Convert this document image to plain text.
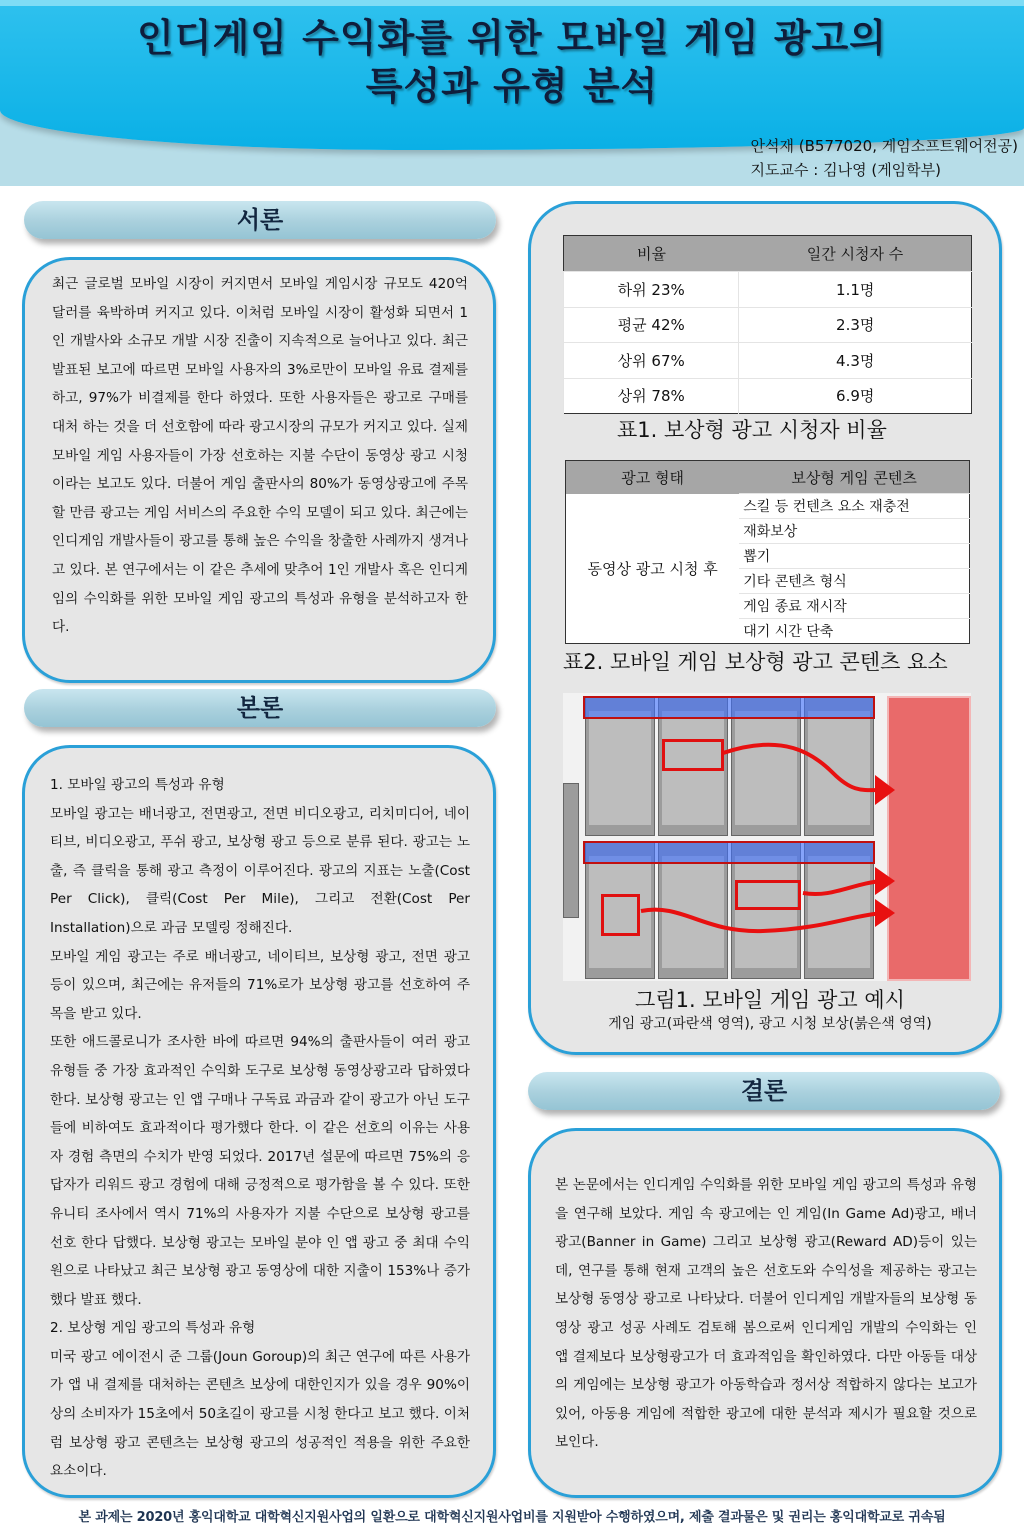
인디게임 수익화를 위한 모바일 게임 광고의
특성과 유형 분석
안석재 (B577020, 게임소프트웨어전공)
지도교수 : 김나영 (게임학부)
서론

최근 글로벌 모바일 시장이 커지면서 모바일 게임시장 규모도 420억 달러를 육박하며 커지고 있다. 이처럼 모바일 시장이 활성화 되면서 1인 개발사와 소규모 개발 시장 진출이 지속적으로 늘어나고 있다. 최근 발표된 보고에 따르면 모바일 사용자의 3%로만이 모바일 유료 결제를 하고, 97%가 비결제를 한다 하였다. 또한 사용자들은 광고로 구매를 대처 하는 것을 더 선호함에 따라 광고시장의 규모가 커지고 있다. 실제 모바일 게임 사용자들이 가장 선호하는 지불 수단이 동영상 광고 시청이라는 보고도 있다. 더불어 게임 출판사의 80%가 동영상광고에 주목할 만큼 광고는 게임 서비스의 주요한 수익 모델이 되고 있다. 최근에는 인디게임 개발사들이 광고를 통해 높은 수익을 창출한 사례까지 생겨나고 있다. 본 연구에서는 이 같은 추세에 맞추어 1인 개발사 혹은 인디게임의 수익화를 위한 모바일 게임 광고의 특성과 유형을 분석하고자 한다.

본론

1. 모바일 광고의 특성과 유형

모바일 광고는 배너광고, 전면광고, 전면 비디오광고, 리치미디어, 네이티브, 비디오광고, 푸쉬 광고, 보상형 광고 등으로 분류 된다. 광고는 노출, 즉 클릭을 통해 광고 측정이 이루어진다. 광고의 지표는 노출(Cost Per Click), 클릭(Cost Per Mile), 그리고 전환(Cost Per Installation)으로 과금 모델링 정해진다.

모바일 게임 광고는 주로 배너광고, 네이티브, 보상형 광고, 전면 광고 등이 있으며, 최근에는 유저들의 71%로가 보상형 광고를 선호하여 주목을 받고 있다.

또한 애드콜로니가 조사한 바에 따르면 94%의 출판사들이 여러 광고 유형들 중 가장 효과적인 수익화 도구로 보상형 동영상광고라 답하였다 한다. 보상형 광고는 인 앱 구매나 구독료 과금과 같이 광고가 아닌 도구들에 비하여도 효과적이다 평가했다 한다. 이 같은 선호의 이유는 사용자 경험 측면의 수치가 반영 되었다. 2017년 설문에 따르면 75%의 응답자가 리워드 광고 경험에 대해 긍정적으로 평가함을 볼 수 있다. 또한 유니티 조사에서 역시 71%의 사용자가 지불 수단으로 보상형 광고를 선호 한다 답했다. 보상형 광고는 모바일 분야 인 앱 광고 중 최대 수익원으로 나타났고 최근 보상형 광고 동영상에 대한 지출이 153%나 증가했다 발표 했다.

2. 보상형 게임 광고의 특성과 유형

미국 광고 에이전시 준 그룹(Joun Goroup)의 최근 연구에 따른 사용가가 앱 내 결제를 대처하는 콘텐츠 보상에 대한인지가 있을 경우 90%이상의 소비자가 15초에서 50초길이 광고를 시청 한다고 보고 했다. 이처럼 보상형 광고 콘텐츠는 보상형 광고의 성공적인 적용을 위한 주요한 요소이다.

비율	일간 시청자 수
하위 23%	1.1명
평균 42%	2.3명
상위 67%	4.3명
상위 78%	6.9명
표1. 보상형 광고 시청자 비율
광고 형태	보상형 게임 콘텐츠
동영상 광고 시청 후	스킬 등 컨텐츠 요소 재충전
	재화보상
	뽑기
	기타 콘텐츠 형식
	게임 종료 재시작
	대기 시간 단축
표2. 모바일 게임 보상형 광고 콘텐츠 요소
그림1. 모바일 게임 광고 예시
게임 광고(파란색 영역), 광고 시청 보상(붉은색 영역)
결론

본 논문에서는 인디게임 수익화를 위한 모바일 게임 광고의 특성과 유형을 연구해 보았다. 게임 속 광고에는 인 게임(In Game Ad)광고, 배너 광고(Banner in Game) 그리고 보상형 광고(Reward AD)등이 있는데, 연구를 통해 현재 고객의 높은 선호도와 수익성을 제공하는 광고는 보상형 동영상 광고로 나타났다. 더불어 인디게임 개발자들의 보상형 동영상 광고 성공 사례도 검토해 봄으로써 인디게임 개발의 수익화는 인 앱 결제보다 보상형광고가 더 효과적임을 확인하였다. 다만 아동들 대상의 게임에는 보상형 광고가 아동학습과 정서상 적합하지 않다는 보고가 있어, 아동용 게임에 적합한 광고에 대한 분석과 제시가 필요할 것으로 보인다.

본 과제는 2020년 홍익대학교 대학혁신지원사업의 일환으로 대학혁신지원사업비를 지원받아 수행하였으며, 제출 결과물은 및 권리는 홍익대학교로 귀속됨
